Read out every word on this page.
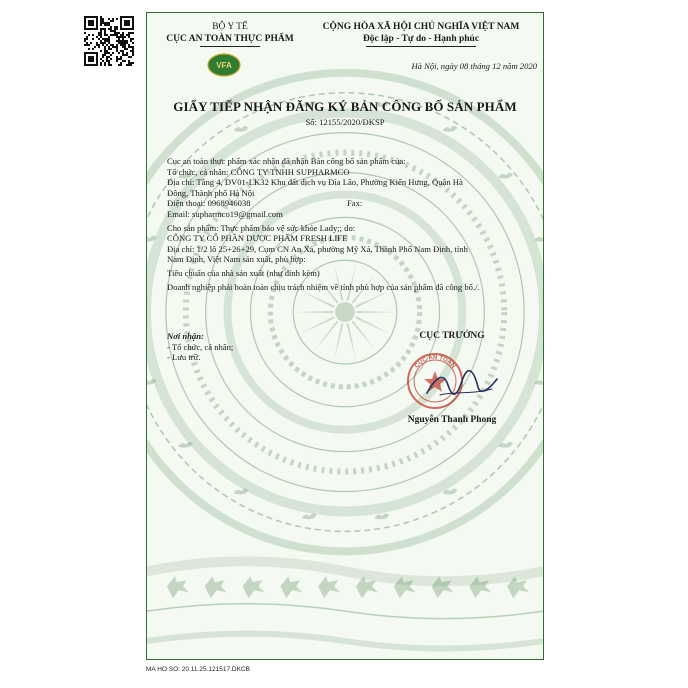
BỘ Y TẾ
CỤC AN TOÀN THỰC PHẨM
VFA
CỘNG HÒA XÃ HỘI CHỦ NGHĨA VIỆT NAM
Độc lập - Tự do - Hạnh phúc
Hà Nội, ngày 08 tháng 12 năm 2020
GIẤY TIẾP NHẬN ĐĂNG KÝ BẢN CÔNG BỐ SẢN PHẨM
Số: 12155/2020/ĐKSP
Cục an toàn thực phẩm xác nhận đã nhận Bản công bố sản phẩm của:
Tổ chức, cá nhân: CÔNG TY TNHH SUPHARMCO
Địa chỉ: Tầng 4, DV01-LK32 Khu đất dịch vụ Đìa Lão, Phường Kiến Hưng, Quận Hà
Đông, Thành phố Hà Nội
Điện thoại: 0968946038	Fax:
Email: supharmco19@gmail.com
Cho sản phẩm: Thực phẩm bảo vệ sức khỏe Lady;; do:
CÔNG TY CỔ PHẦN DƯỢC PHẨM FRESH LIFE
Địa chỉ: 1/2 lô 25+26+29, Cụm CN An Xá, phường Mỹ Xá, Thành Phố Nam Định, tỉnh
Nam Định, Việt Nam sản xuất, phù hợp:
Tiêu chuẩn của nhà sản xuất (như đính kèm)
Doanh nghiệp phải hoàn toàn chịu trách nhiệm về tính phù hợp của sản phẩm đã công bố./.
Nơi nhận:
- Tổ chức, cá nhân;
- Lưu trữ.
CỤC TRƯỞNG
CỤC AN TOÀN
Nguyễn Thanh Phong
MA HO SO: 20.11.25.121517.DKCB
